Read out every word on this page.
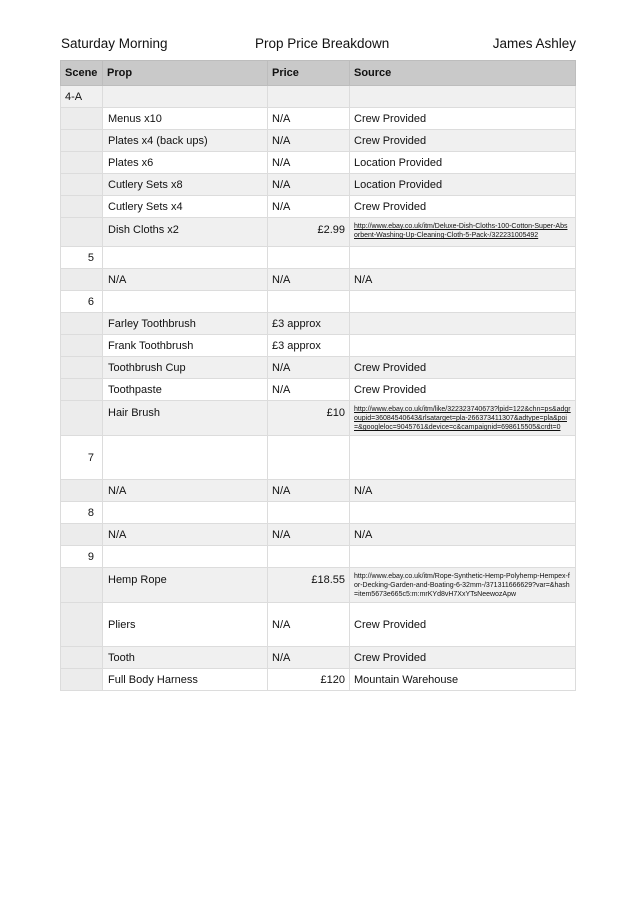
Saturday Morning	Prop Price Breakdown	James Ashley
Scene	Prop	Price	Source
4-A			
	Menus x10	N/A	Crew Provided
	Plates x4 (back ups)	N/A	Crew Provided
	Plates x6	N/A	Location Provided
	Cutlery Sets x8	N/A	Location Provided
	Cutlery Sets x4	N/A	Crew Provided
	Dish Cloths x2	£2.99	http://www.ebay.co.uk/itm/Deluxe-Dish-Cloths-100-Cotton-Super-Absorbent-Washing-Up-Cleaning-Cloth-5-Pack-/322231005492
5			
	N/A	N/A	N/A
6			
	Farley Toothbrush	£3 approx	
	Frank Toothbrush	£3 approx	
	Toothbrush Cup	N/A	Crew Provided
	Toothpaste	N/A	Crew Provided
	Hair Brush	£10	http://www.ebay.co.uk/itm/like/322323740673?lpid=122&chn=ps&adgroupid=36084540643&rlsatarget=pla-266373411307&adtype=pla&poi=&googleloc=9045761&device=c&campaignid=698615505&crdt=0
7			
	N/A	N/A	N/A
8			
	N/A	N/A	N/A
9			
	Hemp Rope	£18.55	http://www.ebay.co.uk/itm/Rope-Synthetic-Hemp-Polyhemp-Hempex-for-Decking-Garden-and-Boating-6-32mm-/371311666629?var=&hash=item5673e665c5:m:mrKYd8vH7XxYTsNeewozApw
	Pliers	N/A	Crew Provided
	Tooth	N/A	Crew Provided
	Full Body Harness	£120	Mountain Warehouse
